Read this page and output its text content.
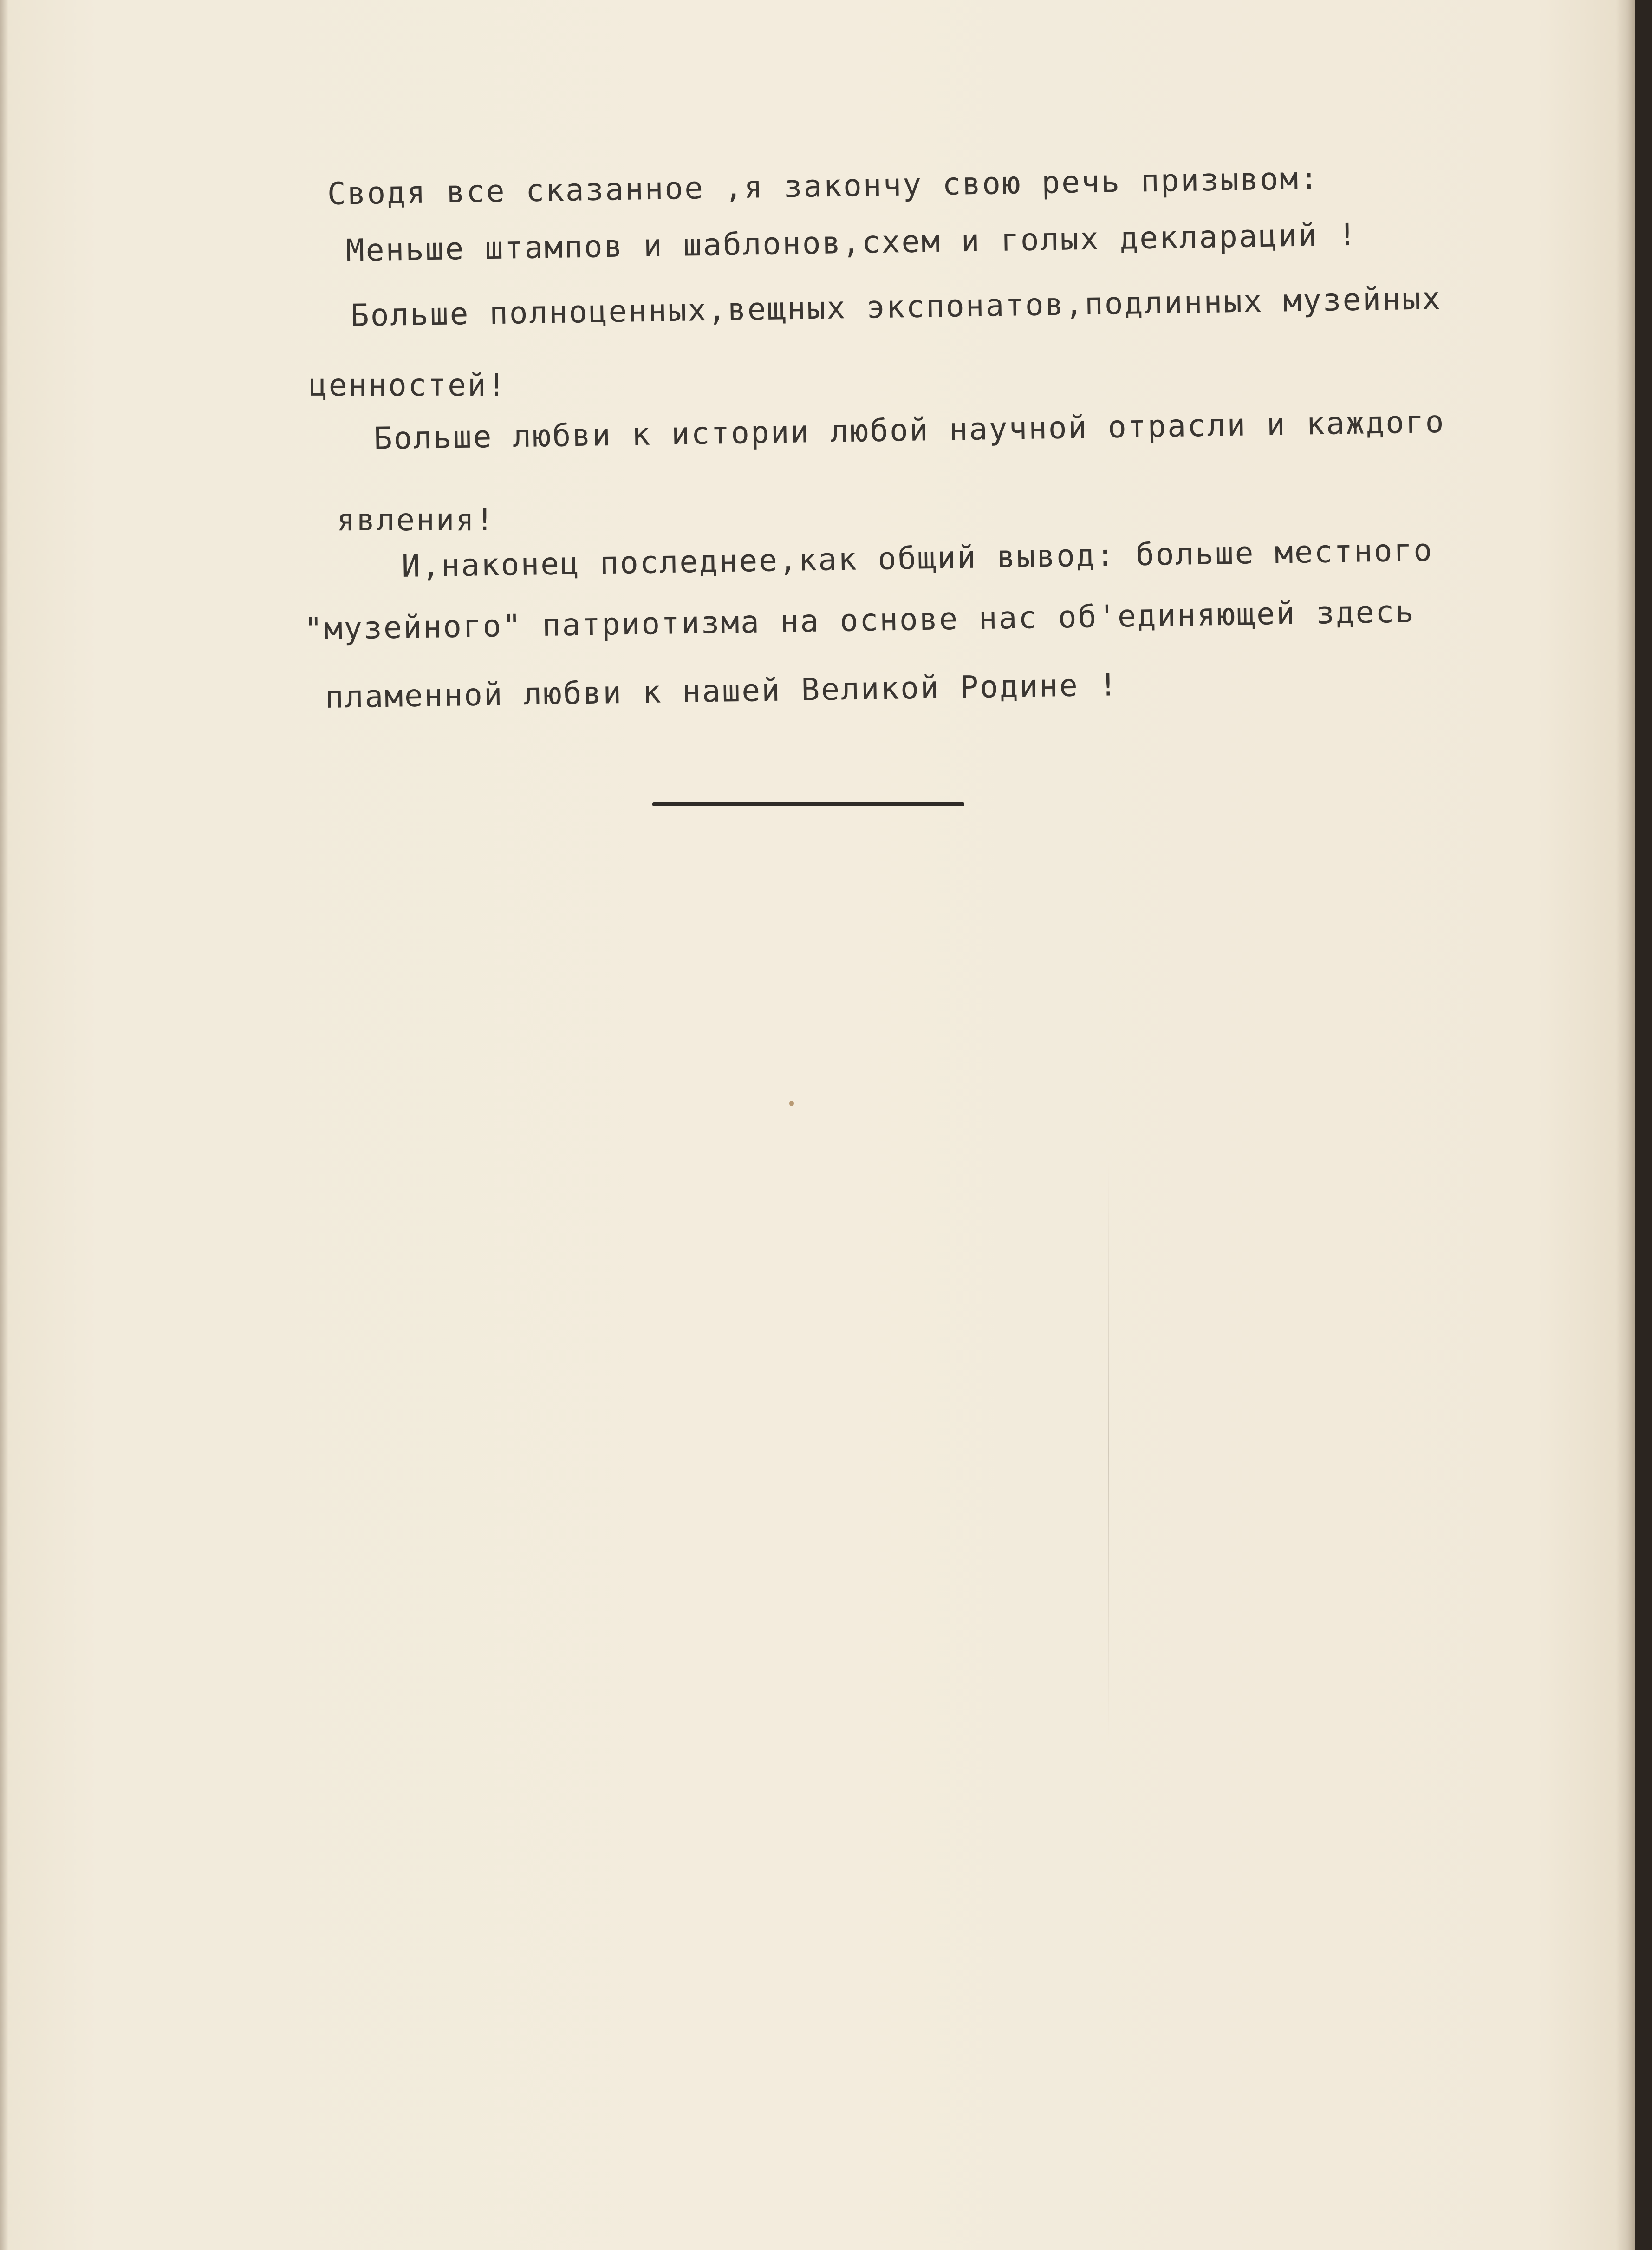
Сводя все сказанное ,я закончу свою речь призывом:

Меньше штампов и шаблонов,схем и голых деклараций !

Больше полноценных,вещных экспонатов,подлинных музейных

ценностей!

Больше любви к истории любой научной отрасли и каждого

явления!

И,наконец последнее,как общий вывод: больше местного

"музейного" патриотизма на основе нас об'единяющей здесь

пламенной любви к нашей Великой Родине !
